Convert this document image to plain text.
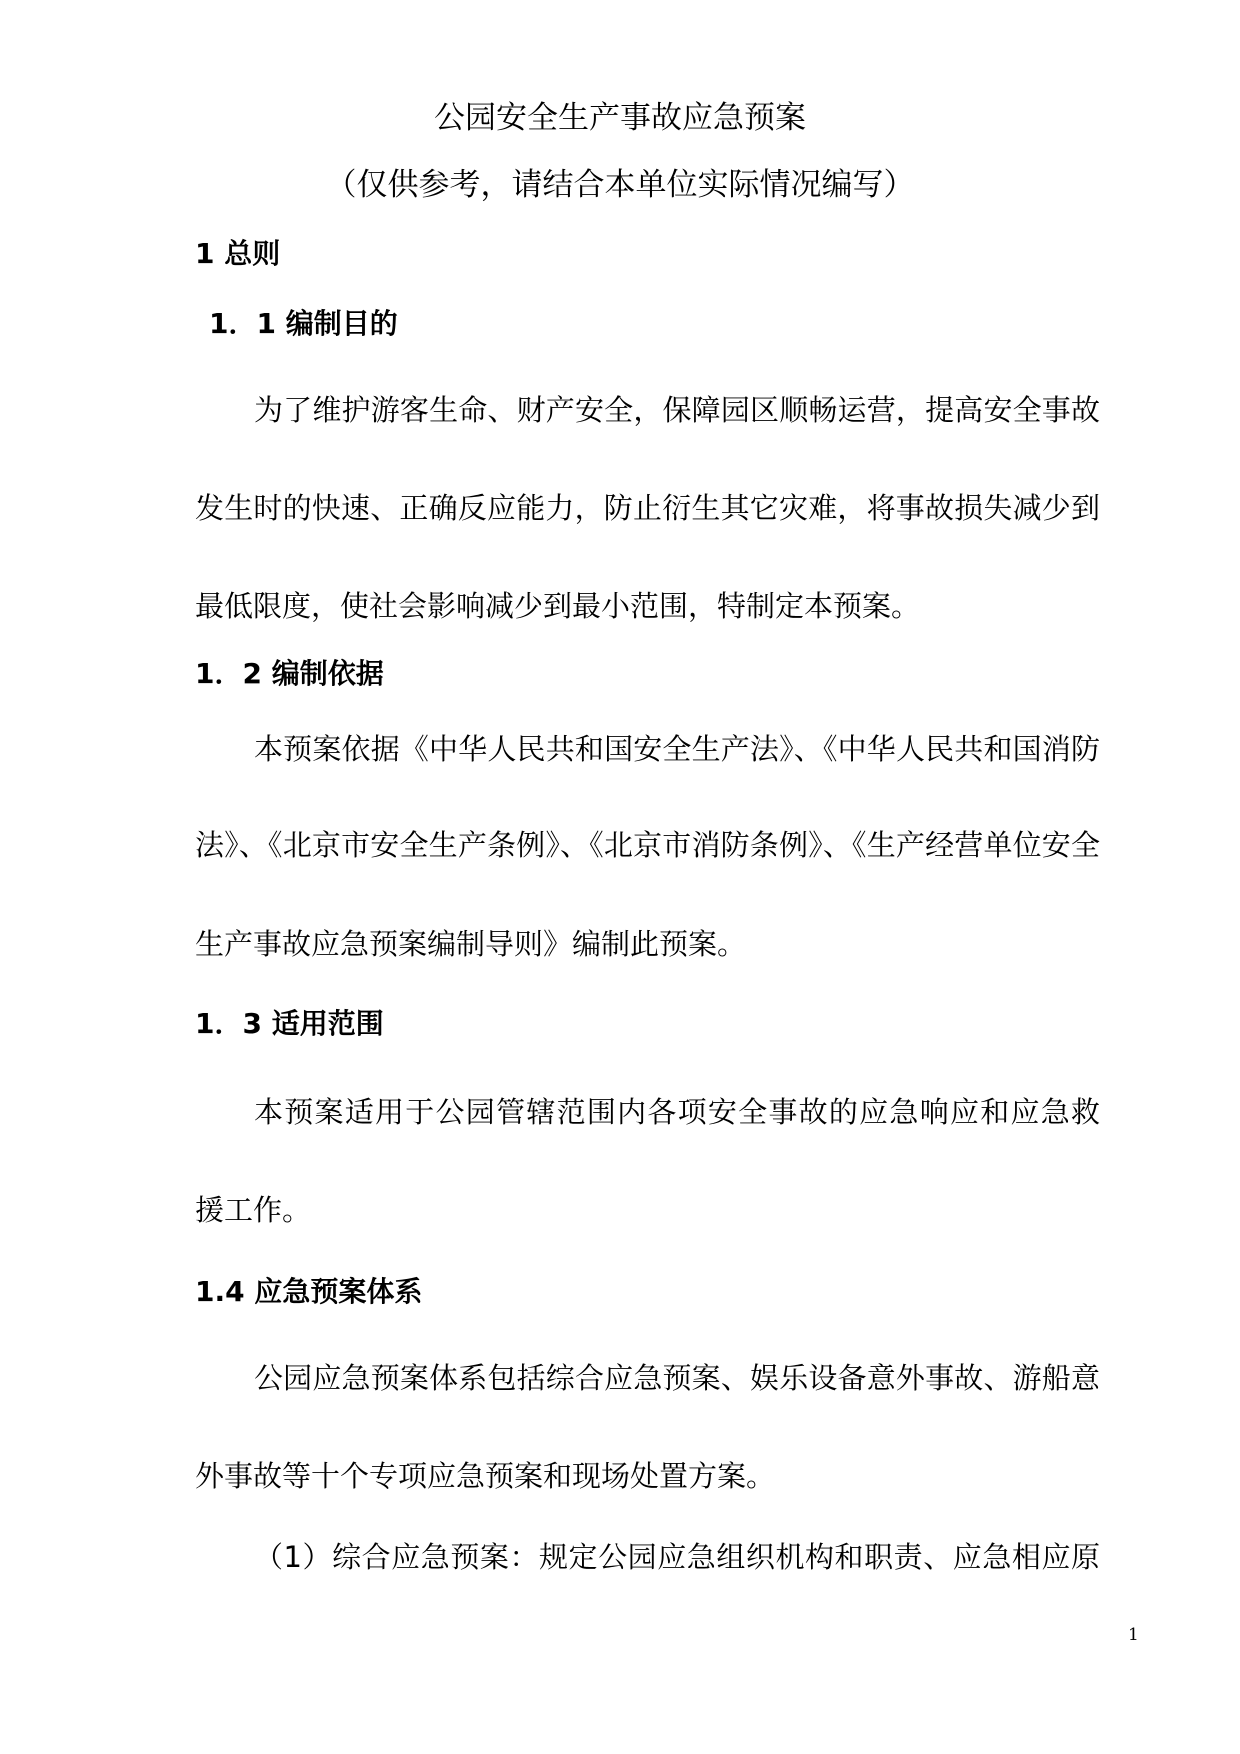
公园安全生产事故应急预案
（仅供参考，请结合本单位实际情况编写）
1 总则
1．1 编制目的
为了维护游客生命、财产安全，保障园区顺畅运营，提高安全事故
发生时的快速、正确反应能力，防止衍生其它灾难，将事故损失减少到
最低限度，使社会影响减少到最小范围，特制定本预案。
1．2 编制依据
本预案依据《中华人民共和国安全生产法》、《中华人民共和国消防
法》、《北京市安全生产条例》、《北京市消防条例》、《生产经营单位安全
生产事故应急预案编制导则》编制此预案。
1．3 适用范围
本预案适用于公园管辖范围内各项安全事故的应急响应和应急救
援工作。
1.4 应急预案体系
公园应急预案体系包括综合应急预案、娱乐设备意外事故、游船意
外事故等十个专项应急预案和现场处置方案。
（1）综合应急预案：规定公园应急组织机构和职责、应急相应原
1
